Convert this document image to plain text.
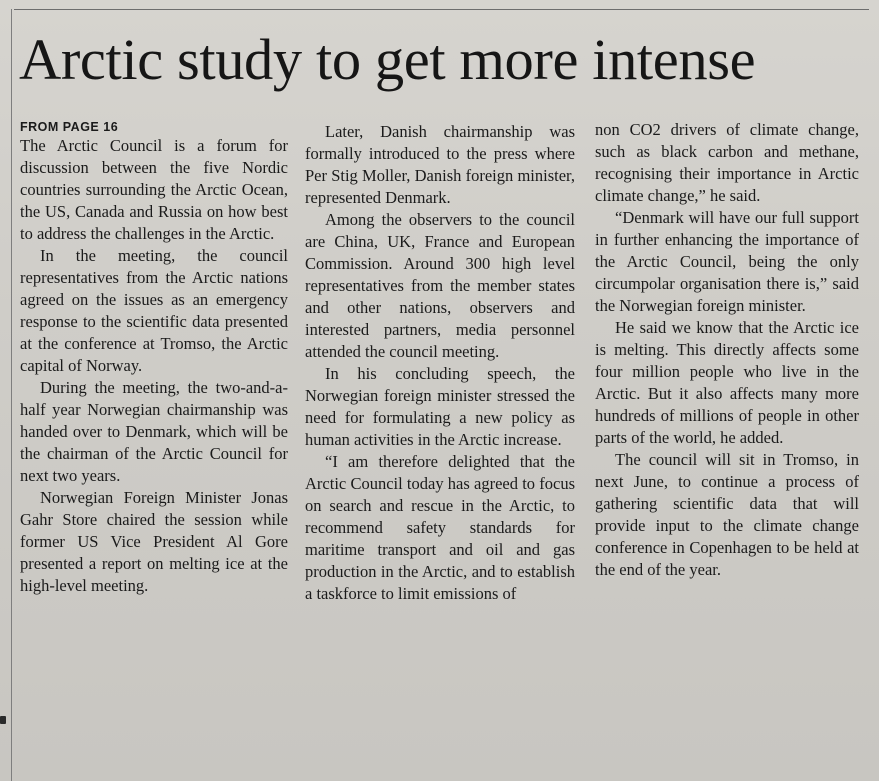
Arctic study to get more intense
FROM PAGE 16

The Arctic Council is a forum for discussion between the five Nordic countries surrounding the Arctic Ocean, the US, Canada and Russia on how best to address the challenges in the Arctic.

In the meeting, the council representatives from the Arctic nations agreed on the issues as an emergency response to the scientific data presented at the conference at Tromso, the Arctic capital of Norway.

During the meeting, the two-and-a-half year Norwegian chairmanship was handed over to Denmark, which will be the chairman of the Arctic Council for next two years.

Norwegian Foreign Minister Jonas Gahr Store chaired the session while former US Vice President Al Gore presented a report on melting ice at the high-level meeting.

Later, Danish chairmanship was formally introduced to the press where Per Stig Moller, Danish foreign minister, represented Denmark.

Among the observers to the council are China, UK, France and European Commission. Around 300 high level representatives from the member states and other nations, observers and interested partners, media personnel attended the council meeting.

In his concluding speech, the Norwegian foreign minister stressed the need for formulating a new policy as human activities in the Arctic increase.

“I am therefore delighted that the Arctic Council today has agreed to focus on search and rescue in the Arctic, to recommend safety standards for maritime transport and oil and gas production in the Arctic, and to establish a taskforce to limit emissions of

non CO2 drivers of climate change, such as black carbon and methane, recognising their importance in Arctic climate change,” he said.

“Denmark will have our full support in further enhancing the importance of the Arctic Council, being the only circumpolar organisation there is,” said the Norwegian foreign minister.

He said we know that the Arctic ice is melting. This directly affects some four million people who live in the Arctic. But it also affects many more hundreds of millions of people in other parts of the world, he added.

The council will sit in Tromso, in next June, to continue a process of gathering scientific data that will provide input to the climate change conference in Copenhagen to be held at the end of the year.
